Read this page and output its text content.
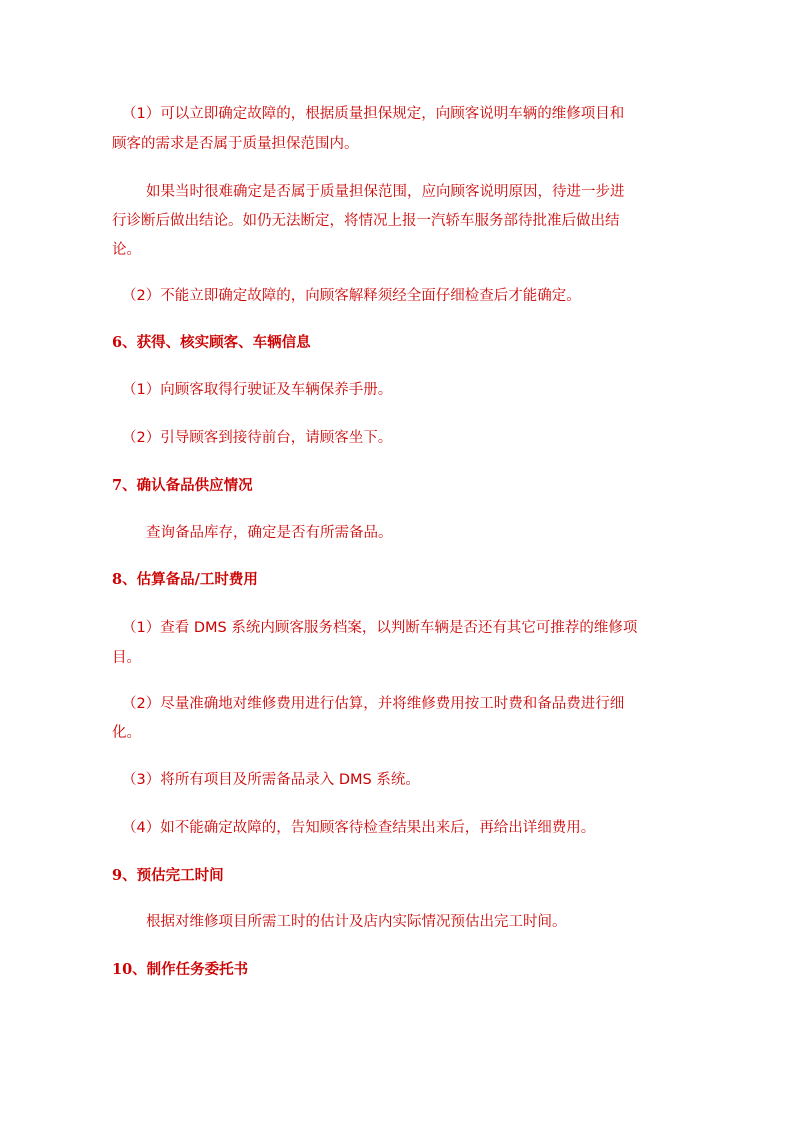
（1）可以立即确定故障的，根据质量担保规定，向顾客说明车辆的维修项目和
顾客的需求是否属于质量担保范围内。
如果当时很难确定是否属于质量担保范围，应向顾客说明原因，待进一步进
行诊断后做出结论。如仍无法断定，将情况上报一汽轿车服务部待批准后做出结
论。
（2）不能立即确定故障的，向顾客解释须经全面仔细检查后才能确定。
6、获得、核实顾客、车辆信息
（1）向顾客取得行驶证及车辆保养手册。
（2）引导顾客到接待前台，请顾客坐下。
7、确认备品供应情况
查询备品库存，确定是否有所需备品。
8、估算备品/工时费用
（1）查看 DMS 系统内顾客服务档案，以判断车辆是否还有其它可推荐的维修项
目。
（2）尽量准确地对维修费用进行估算，并将维修费用按工时费和备品费进行细
化。
（3）将所有项目及所需备品录入 DMS 系统。
（4）如不能确定故障的，告知顾客待检查结果出来后，再给出详细费用。
9、预估完工时间
根据对维修项目所需工时的估计及店内实际情况预估出完工时间。
10、制作任务委托书
